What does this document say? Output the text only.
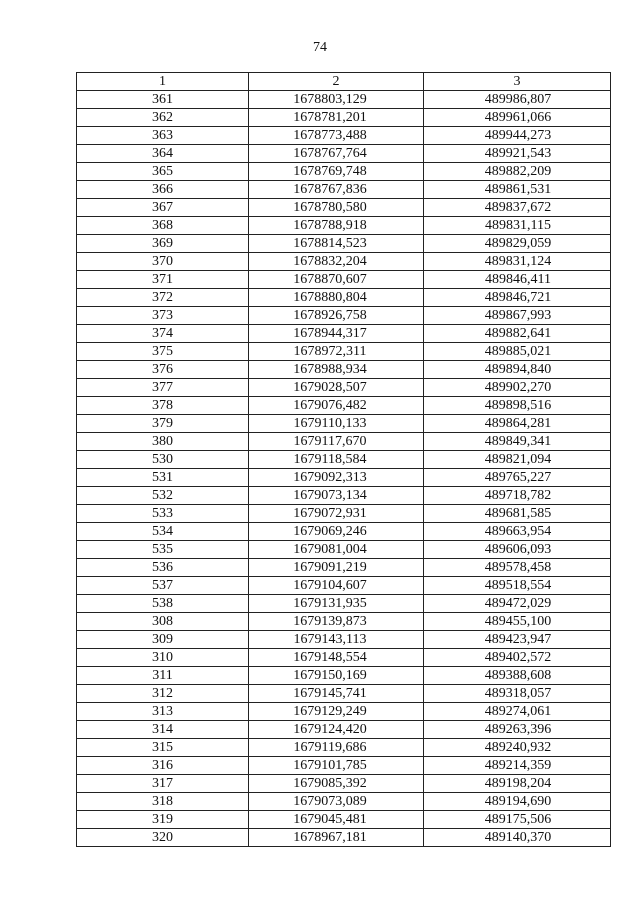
74
1	2	3
361	1678803,129	489986,807
362	1678781,201	489961,066
363	1678773,488	489944,273
364	1678767,764	489921,543
365	1678769,748	489882,209
366	1678767,836	489861,531
367	1678780,580	489837,672
368	1678788,918	489831,115
369	1678814,523	489829,059
370	1678832,204	489831,124
371	1678870,607	489846,411
372	1678880,804	489846,721
373	1678926,758	489867,993
374	1678944,317	489882,641
375	1678972,311	489885,021
376	1678988,934	489894,840
377	1679028,507	489902,270
378	1679076,482	489898,516
379	1679110,133	489864,281
380	1679117,670	489849,341
530	1679118,584	489821,094
531	1679092,313	489765,227
532	1679073,134	489718,782
533	1679072,931	489681,585
534	1679069,246	489663,954
535	1679081,004	489606,093
536	1679091,219	489578,458
537	1679104,607	489518,554
538	1679131,935	489472,029
308	1679139,873	489455,100
309	1679143,113	489423,947
310	1679148,554	489402,572
311	1679150,169	489388,608
312	1679145,741	489318,057
313	1679129,249	489274,061
314	1679124,420	489263,396
315	1679119,686	489240,932
316	1679101,785	489214,359
317	1679085,392	489198,204
318	1679073,089	489194,690
319	1679045,481	489175,506
320	1678967,181	489140,370
